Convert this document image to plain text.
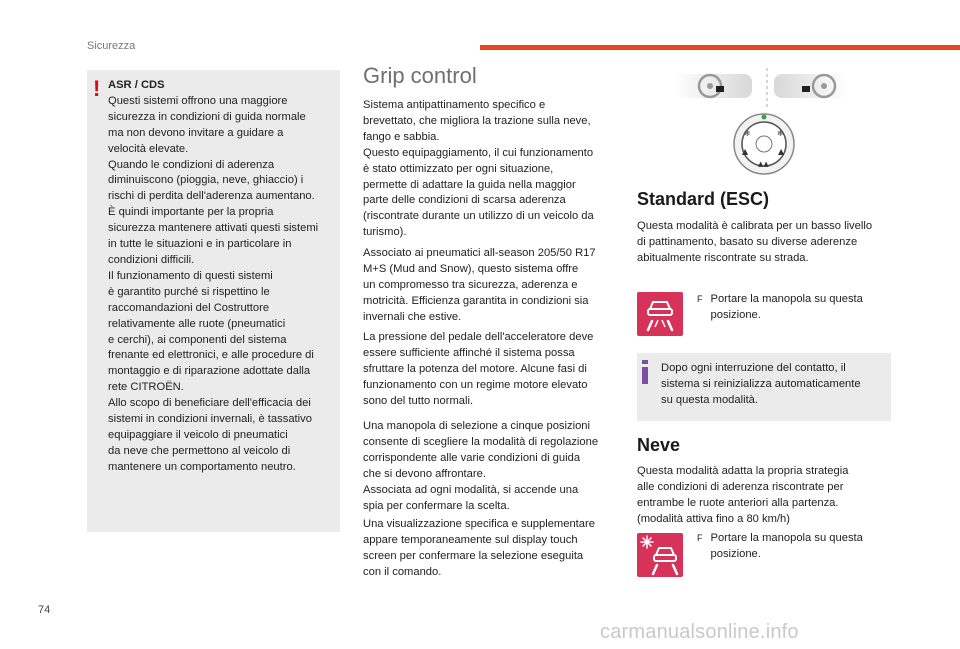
Sicurezza
74
carmanualsonline.info
! ASR / CDS
Questi sistemi offrono una maggiore
sicurezza in condizioni di guida normale
ma non devono invitare a guidare a
velocità elevate.
Quando le condizioni di aderenza
diminuiscono (pioggia, neve, ghiaccio) i
rischi di perdita dell'aderenza aumentano.
È quindi importante per la propria
sicurezza mantenere attivati questi sistemi
in tutte le situazioni e in particolare in
condizioni difficili.
Il funzionamento di questi sistemi
è garantito purché si rispettino le
raccomandazioni del Costruttore
relativamente alle ruote (pneumatici
e cerchi), ai componenti del sistema
frenante ed elettronici, e alle procedure di
montaggio e di riparazione adottate dalla
rete CITROËN.
Allo scopo di beneficiare dell'efficacia dei
sistemi in condizioni invernali, è tassativo
equipaggiare il veicolo di pneumatici
da neve che permettono al veicolo di
mantenere un comportamento neutro.
Grip control
Sistema antipattinamento specifico e
brevettato, che migliora la trazione sulla neve,
fango e sabbia.
Questo equipaggiamento, il cui funzionamento
è stato ottimizzato per ogni situazione,
permette di adattare la guida nella maggior
parte delle condizioni di scarsa aderenza
(riscontrate durante un utilizzo di un veicolo da
turismo).
Associato ai pneumatici all-season 205/50 R17
M+S (Mud and Snow), questo sistema offre
un compromesso tra sicurezza, aderenza e
motricità. Efficienza garantita in condizioni sia
invernali che estive.
La pressione del pedale dell'acceleratore deve
essere sufficiente affinché il sistema possa
sfruttare la potenza del motore. Alcune fasi di
funzionamento con un regime motore elevato
sono del tutto normali.
Una manopola di selezione a cinque posizioni
consente di scegliere la modalità di regolazione
corrispondente alle varie condizioni di guida
che si devono affrontare.
Associata ad ogni modalità, si accende una
spia per confermare la scelta.
Una visualizzazione specifica e supplementare
appare temporaneamente sul display touch
screen per confermare la selezione eseguita
con il comando.
❄	❄
▲	▲
▲▲
Standard (ESC)
Questa modalità è calibrata per un basso livello
di pattinamento, basato su diverse aderenze
abitualmente riscontrate su strada.
F Portare la manopola su questa
posizione.
Dopo ogni interruzione del contatto, il
sistema si reinizializza automaticamente
su questa modalità.
Neve
Questa modalità adatta la propria strategia
alle condizioni di aderenza riscontrate per
entrambe le ruote anteriori alla partenza.
(modalità attiva fino a 80 km/h)
F Portare la manopola su questa
posizione.
